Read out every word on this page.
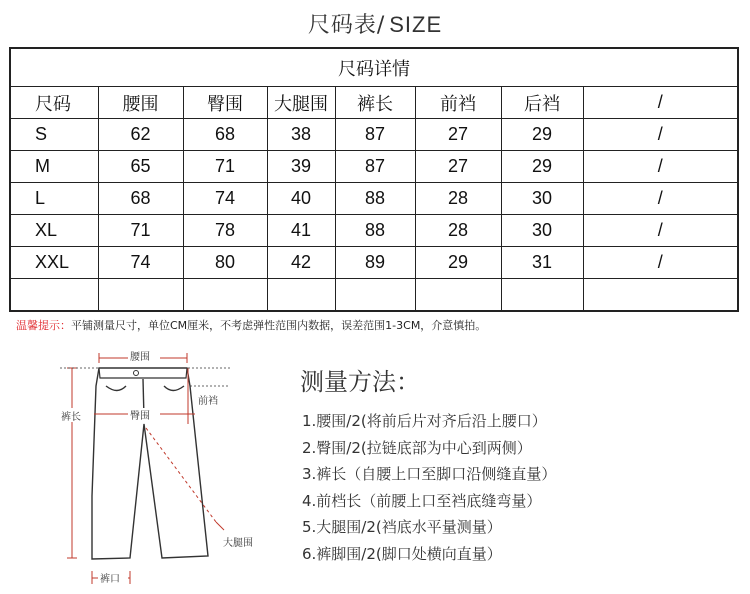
尺码表/ SIZE
尺码详情							
尺码	腰围	臀围	大腿围	裤长	前裆	后裆	/
S	62	68	38	87	27	29	/
M	65	71	39	87	27	29	/
L	68	74	40	88	28	30	/
XL	71	78	41	88	28	30	/
XXL	74	80	42	89	29	31	/

温馨提示：平铺测量尺寸，单位CM厘米，不考虑弹性范围内数据，误差范围1-3CM，介意慎拍。
腰围
臀围
前裆
裤长
大腿围
裤口
测量方法：
1.腰围/2(将前后片对齐后沿上腰口）
2.臀围/2(拉链底部为中心到两侧）
3.裤长（自腰上口至脚口沿侧缝直量）
4.前档长（前腰上口至裆底缝弯量）
5.大腿围/2(裆底水平量测量）
6.裤脚围/2(脚口处横向直量）
